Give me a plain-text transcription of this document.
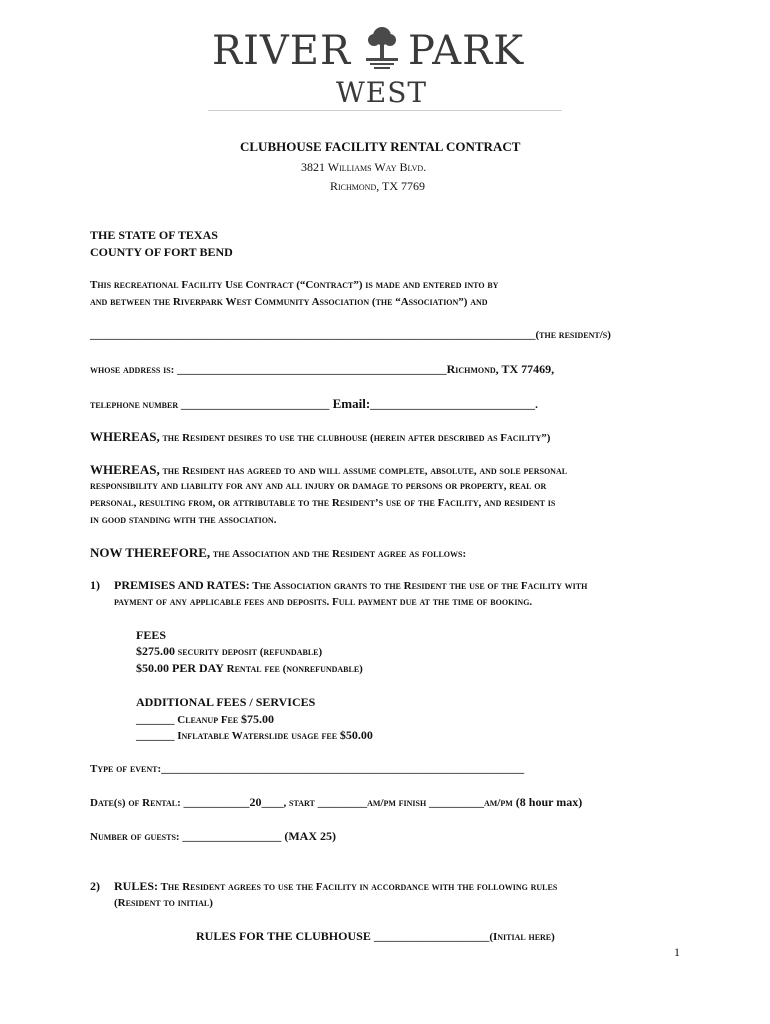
RIVER PARK
WEST
CLUBHOUSE FACILITY RENTAL CONTRACT
3821 Williams Way Blvd.
Richmond, TX 7769
THE STATE OF TEXAS
COUNTY OF FORT BEND
This recreational Facility Use Contract (“Contract”) is made and entered into by
and between the Riverpark West Community Association (the “Association”) and
_________________________________________________________________________________(the resident/s)
whose address is: _________________________________________________Richmond, TX 77469,
telephone number ___________________________ Email:______________________________.
WHEREAS, the Resident desires to use the clubhouse (herein after described as Facility”)
WHEREAS, the Resident has agreed to and will assume complete, absolute, and sole personal
responsibility and liability for any and all injury or damage to persons or property, real or
personal, resulting from, or attributable to the Resident’s use of the Facility, and resident is
in good standing with the association.
NOW THEREFORE, the Association and the Resident agree as follows:
1) PREMISES AND RATES: The Association grants to the Resident the use of the Facility with
payment of any applicable fees and deposits. Full payment due at the time of booking.
FEES
$275.00 security deposit (refundable)
$50.00 PER DAY Rental fee (nonrefundable)
ADDITIONAL FEES / SERVICES
_______ Cleanup Fee $75.00
_______ Inflatable Waterslide usage fee $50.00
Type of event:__________________________________________________________________
Date(s) of Rental: ____________20____, start _________am/pm finish __________am/pm (8 hour max)
Number of guests: __________________ (MAX 25)
2) RULES: The Resident agrees to use the Facility in accordance with the following rules
(Resident to initial)
RULES FOR THE CLUBHOUSE _____________________(Initial here)
1
